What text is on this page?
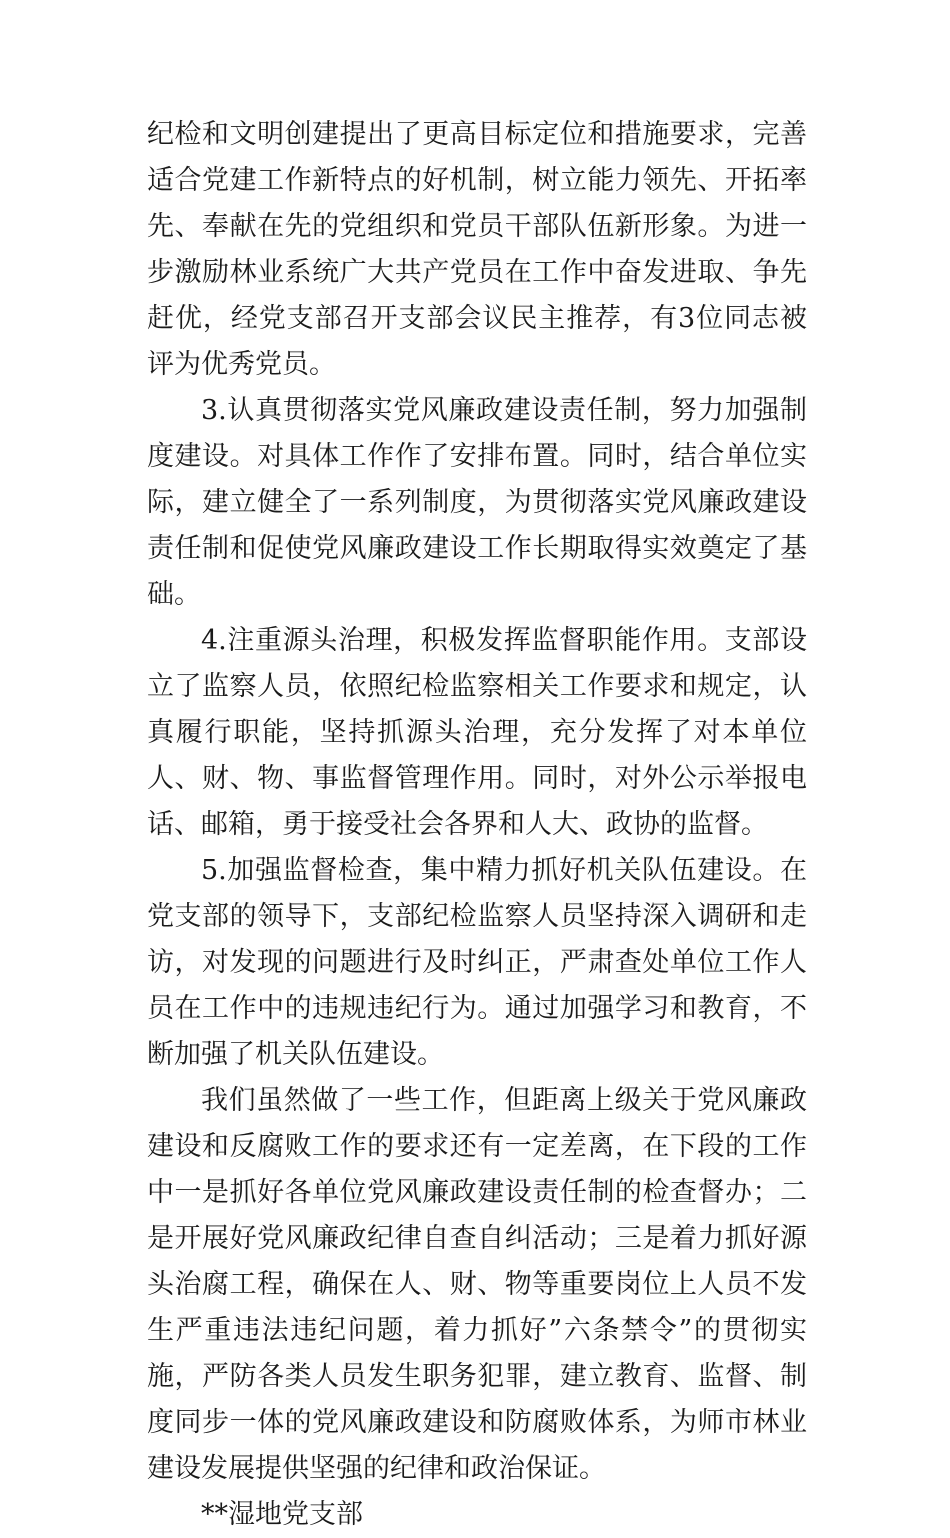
纪检和文明创建提出了更高目标定位和措施要求，完善适合党建工作新特点的好机制，树立能力领先、开拓率先、奉献在先的党组织和党员干部队伍新形象。为进一步激励林业系统广大共产党员在工作中奋发进取、争先赶优，经党支部召开支部会议民主推荐，有3位同志被评为优秀党员。

3.认真贯彻落实党风廉政建设责任制，努力加强制度建设。对具体工作作了安排布置。同时，结合单位实际，建立健全了一系列制度，为贯彻落实党风廉政建设责任制和促使党风廉政建设工作长期取得实效奠定了基础。

4.注重源头治理，积极发挥监督职能作用。支部设立了监察人员，依照纪检监察相关工作要求和规定，认真履行职能，坚持抓源头治理，充分发挥了对本单位人、财、物、事监督管理作用。同时，对外公示举报电话、邮箱，勇于接受社会各界和人大、政协的监督。

5.加强监督检查，集中精力抓好机关队伍建设。在党支部的领导下，支部纪检监察人员坚持深入调研和走访，对发现的问题进行及时纠正，严肃查处单位工作人员在工作中的违规违纪行为。通过加强学习和教育，不断加强了机关队伍建设。

我们虽然做了一些工作，但距离上级关于党风廉政建设和反腐败工作的要求还有一定差离，在下段的工作中一是抓好各单位党风廉政建设责任制的检查督办；二是开展好党风廉政纪律自查自纠活动；三是着力抓好源头治腐工程，确保在人、财、物等重要岗位上人员不发生严重违法违纪问题，着力抓好”六条禁令”的贯彻实施，严防各类人员发生职务犯罪，建立教育、监督、制度同步一体的党风廉政建设和防腐败体系，为师市林业建设发展提供坚强的纪律和政治保证。

**湿地党支部
